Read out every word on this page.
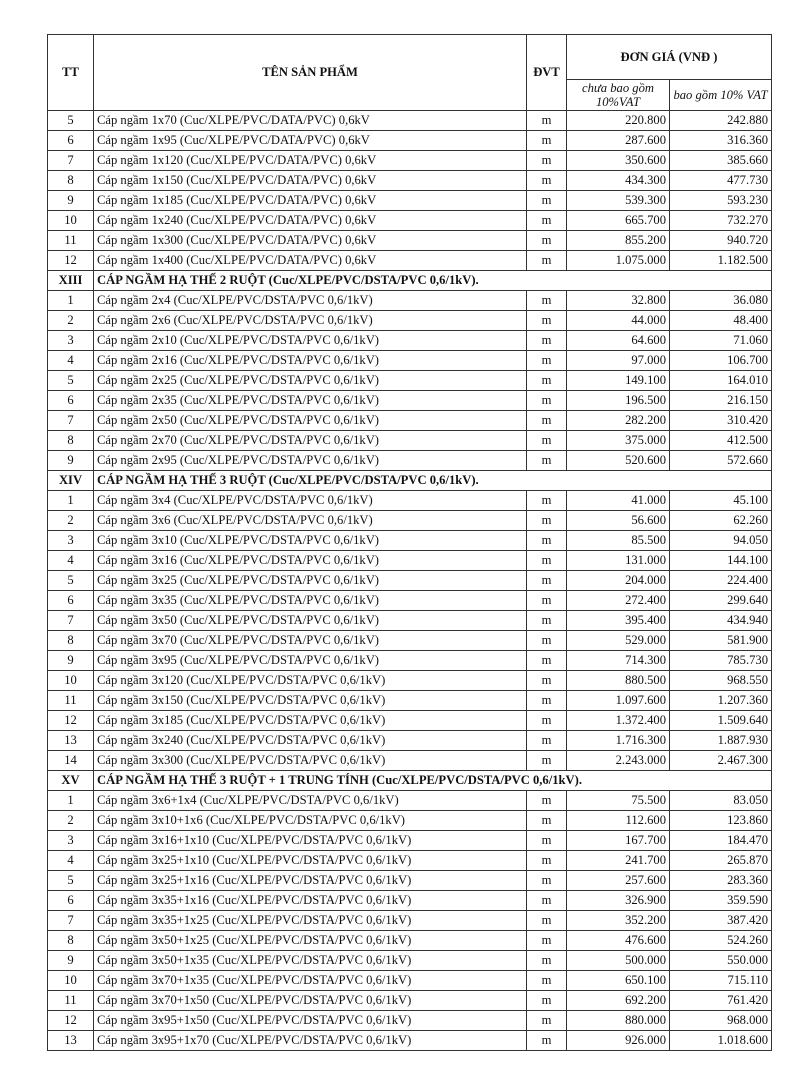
TT	TÊN SẢN PHẨM	ĐVT	ĐƠN GIÁ (VNĐ )	
			chưa bao gồm 10%VAT	bao gồm 10% VAT
5	Cáp ngầm 1x70 (Cuc/XLPE/PVC/DATA/PVC) 0,6kV	m	220.800	242.880
6	Cáp ngầm 1x95 (Cuc/XLPE/PVC/DATA/PVC) 0,6kV	m	287.600	316.360
7	Cáp ngầm 1x120 (Cuc/XLPE/PVC/DATA/PVC) 0,6kV	m	350.600	385.660
8	Cáp ngầm 1x150 (Cuc/XLPE/PVC/DATA/PVC) 0,6kV	m	434.300	477.730
9	Cáp ngầm 1x185 (Cuc/XLPE/PVC/DATA/PVC) 0,6kV	m	539.300	593.230
10	Cáp ngầm 1x240 (Cuc/XLPE/PVC/DATA/PVC) 0,6kV	m	665.700	732.270
11	Cáp ngầm 1x300 (Cuc/XLPE/PVC/DATA/PVC) 0,6kV	m	855.200	940.720
12	Cáp ngầm 1x400 (Cuc/XLPE/PVC/DATA/PVC) 0,6kV	m	1.075.000	1.182.500
XIII	CÁP NGẦM HẠ THẾ 2 RUỘT (Cuc/XLPE/PVC/DSTA/PVC 0,6/1kV).			
1	Cáp ngầm 2x4 (Cuc/XLPE/PVC/DSTA/PVC 0,6/1kV)	m	32.800	36.080
2	Cáp ngầm 2x6 (Cuc/XLPE/PVC/DSTA/PVC 0,6/1kV)	m	44.000	48.400
3	Cáp ngầm 2x10 (Cuc/XLPE/PVC/DSTA/PVC 0,6/1kV)	m	64.600	71.060
4	Cáp ngầm 2x16 (Cuc/XLPE/PVC/DSTA/PVC 0,6/1kV)	m	97.000	106.700
5	Cáp ngầm 2x25 (Cuc/XLPE/PVC/DSTA/PVC 0,6/1kV)	m	149.100	164.010
6	Cáp ngầm 2x35 (Cuc/XLPE/PVC/DSTA/PVC 0,6/1kV)	m	196.500	216.150
7	Cáp ngầm 2x50 (Cuc/XLPE/PVC/DSTA/PVC 0,6/1kV)	m	282.200	310.420
8	Cáp ngầm 2x70 (Cuc/XLPE/PVC/DSTA/PVC 0,6/1kV)	m	375.000	412.500
9	Cáp ngầm 2x95 (Cuc/XLPE/PVC/DSTA/PVC 0,6/1kV)	m	520.600	572.660
XIV	CÁP NGẦM HẠ THẾ 3 RUỘT (Cuc/XLPE/PVC/DSTA/PVC 0,6/1kV).			
1	Cáp ngầm 3x4 (Cuc/XLPE/PVC/DSTA/PVC 0,6/1kV)	m	41.000	45.100
2	Cáp ngầm 3x6 (Cuc/XLPE/PVC/DSTA/PVC 0,6/1kV)	m	56.600	62.260
3	Cáp ngầm 3x10 (Cuc/XLPE/PVC/DSTA/PVC 0,6/1kV)	m	85.500	94.050
4	Cáp ngầm 3x16 (Cuc/XLPE/PVC/DSTA/PVC 0,6/1kV)	m	131.000	144.100
5	Cáp ngầm 3x25 (Cuc/XLPE/PVC/DSTA/PVC 0,6/1kV)	m	204.000	224.400
6	Cáp ngầm 3x35 (Cuc/XLPE/PVC/DSTA/PVC 0,6/1kV)	m	272.400	299.640
7	Cáp ngầm 3x50 (Cuc/XLPE/PVC/DSTA/PVC 0,6/1kV)	m	395.400	434.940
8	Cáp ngầm 3x70 (Cuc/XLPE/PVC/DSTA/PVC 0,6/1kV)	m	529.000	581.900
9	Cáp ngầm 3x95 (Cuc/XLPE/PVC/DSTA/PVC 0,6/1kV)	m	714.300	785.730
10	Cáp ngầm 3x120 (Cuc/XLPE/PVC/DSTA/PVC 0,6/1kV)	m	880.500	968.550
11	Cáp ngầm 3x150 (Cuc/XLPE/PVC/DSTA/PVC 0,6/1kV)	m	1.097.600	1.207.360
12	Cáp ngầm 3x185 (Cuc/XLPE/PVC/DSTA/PVC 0,6/1kV)	m	1.372.400	1.509.640
13	Cáp ngầm 3x240 (Cuc/XLPE/PVC/DSTA/PVC 0,6/1kV)	m	1.716.300	1.887.930
14	Cáp ngầm 3x300 (Cuc/XLPE/PVC/DSTA/PVC 0,6/1kV)	m	2.243.000	2.467.300
XV	CÁP NGẦM HẠ THẾ 3 RUỘT + 1 TRUNG TÍNH (Cuc/XLPE/PVC/DSTA/PVC 0,6/1kV).			
1	Cáp ngầm 3x6+1x4 (Cuc/XLPE/PVC/DSTA/PVC 0,6/1kV)	m	75.500	83.050
2	Cáp ngầm 3x10+1x6 (Cuc/XLPE/PVC/DSTA/PVC 0,6/1kV)	m	112.600	123.860
3	Cáp ngầm 3x16+1x10 (Cuc/XLPE/PVC/DSTA/PVC 0,6/1kV)	m	167.700	184.470
4	Cáp ngầm 3x25+1x10 (Cuc/XLPE/PVC/DSTA/PVC 0,6/1kV)	m	241.700	265.870
5	Cáp ngầm 3x25+1x16 (Cuc/XLPE/PVC/DSTA/PVC 0,6/1kV)	m	257.600	283.360
6	Cáp ngầm 3x35+1x16 (Cuc/XLPE/PVC/DSTA/PVC 0,6/1kV)	m	326.900	359.590
7	Cáp ngầm 3x35+1x25 (Cuc/XLPE/PVC/DSTA/PVC 0,6/1kV)	m	352.200	387.420
8	Cáp ngầm 3x50+1x25 (Cuc/XLPE/PVC/DSTA/PVC 0,6/1kV)	m	476.600	524.260
9	Cáp ngầm 3x50+1x35 (Cuc/XLPE/PVC/DSTA/PVC 0,6/1kV)	m	500.000	550.000
10	Cáp ngầm 3x70+1x35 (Cuc/XLPE/PVC/DSTA/PVC 0,6/1kV)	m	650.100	715.110
11	Cáp ngầm 3x70+1x50 (Cuc/XLPE/PVC/DSTA/PVC 0,6/1kV)	m	692.200	761.420
12	Cáp ngầm 3x95+1x50 (Cuc/XLPE/PVC/DSTA/PVC 0,6/1kV)	m	880.000	968.000
13	Cáp ngầm 3x95+1x70 (Cuc/XLPE/PVC/DSTA/PVC 0,6/1kV)	m	926.000	1.018.600
